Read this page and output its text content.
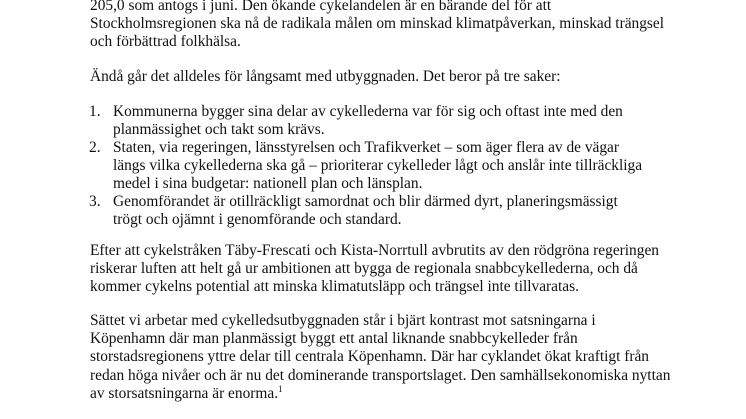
205,0 som antogs i juni. Den ökande cykelandelen är en bärande del för att
Stockholmsregionen ska nå de radikala målen om minskad klimatpåverkan, minskad trängsel
och förbättrad folkhälsa.
Ändå går det alldeles för långsamt med utbyggnaden. Det beror på tre saker:
1. Kommunerna bygger sina delar av cykellederna var för sig och oftast inte med den
planmässighet och takt som krävs.
2. Staten, via regeringen, länsstyrelsen och Trafikverket – som äger flera av de vägar
längs vilka cykellederna ska gå – prioriterar cykelleder lågt och anslår inte tillräckliga
medel i sina budgetar: nationell plan och länsplan.
3. Genomförandet är otillräckligt samordnat och blir därmed dyrt, planeringsmässigt
trögt och ojämnt i genomförande och standard.
Efter att cykelstråken Täby-Frescati och Kista-Norrtull avbrutits av den rödgröna regeringen
riskerar luften att helt gå ur ambitionen att bygga de regionala snabbcykellederna, och då
kommer cykelns potential att minska klimatutsläpp och trängsel inte tillvaratas.
Sättet vi arbetar med cykelledsutbyggnaden står i bjärt kontrast mot satsningarna i
Köpenhamn där man planmässigt byggt ett antal liknande snabbcykelleder från
storstadsregionens yttre delar till centrala Köpenhamn. Där har cyklandet ökat kraftigt från
redan höga nivåer och är nu det dominerande transportslaget. Den samhällsekonomiska nyttan
av storsatsningarna är enorma.$^1$
